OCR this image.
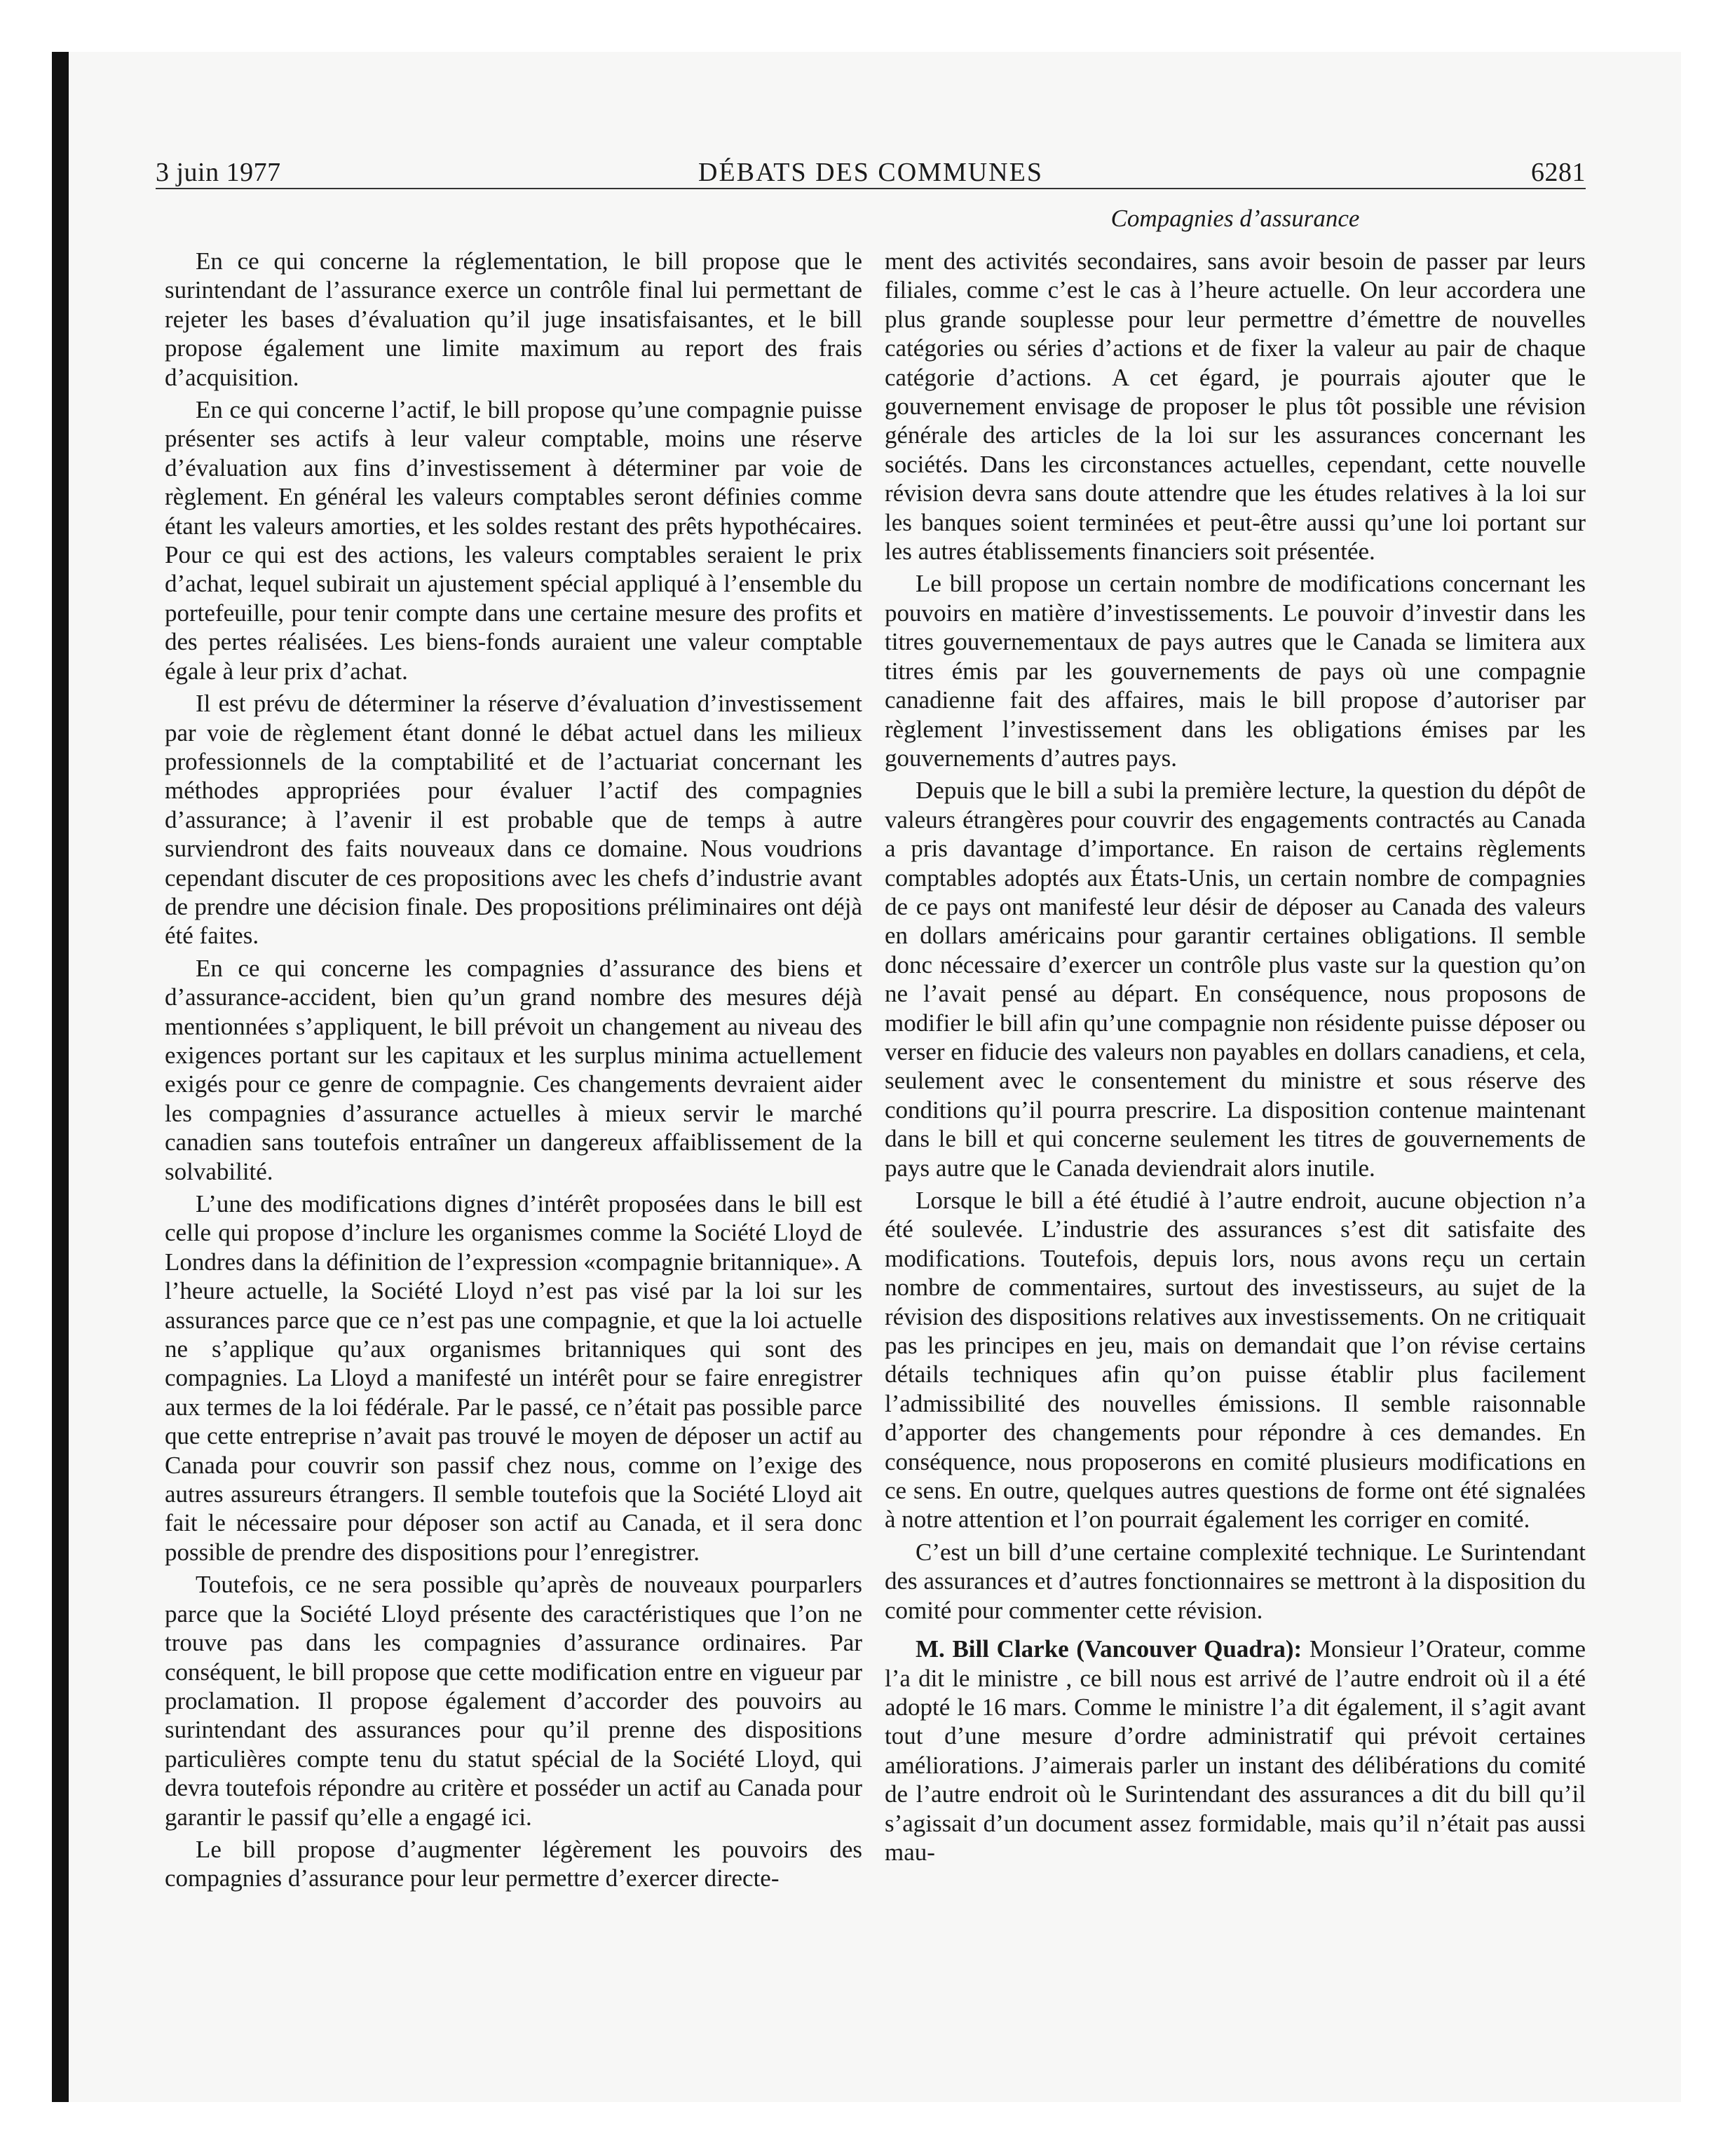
3 juin 1977	DÉBATS DES COMMUNES	6281
Compagnies d’assurance

En ce qui concerne la réglementation, le bill propose que le surintendant de l’assurance exerce un contrôle final lui permettant de rejeter les bases d’évaluation qu’il juge insatisfaisantes, et le bill propose également une limite maximum au report des frais d’acquisition.

En ce qui concerne l’actif, le bill propose qu’une compagnie puisse présenter ses actifs à leur valeur comptable, moins une réserve d’évaluation aux fins d’investissement à déterminer par voie de règlement. En général les valeurs comptables seront définies comme étant les valeurs amorties, et les soldes restant des prêts hypothécaires. Pour ce qui est des actions, les valeurs comptables seraient le prix d’achat, lequel subirait un ajustement spécial appliqué à l’ensemble du portefeuille, pour tenir compte dans une certaine mesure des profits et des pertes réalisées. Les biens-fonds auraient une valeur comptable égale à leur prix d’achat.

Il est prévu de déterminer la réserve d’évaluation d’investissement par voie de règlement étant donné le débat actuel dans les milieux professionnels de la comptabilité et de l’actuariat concernant les méthodes appropriées pour évaluer l’actif des compagnies d’assurance; à l’avenir il est probable que de temps à autre surviendront des faits nouveaux dans ce domaine. Nous voudrions cependant discuter de ces propositions avec les chefs d’industrie avant de prendre une décision finale. Des propositions préliminaires ont déjà été faites.

En ce qui concerne les compagnies d’assurance des biens et d’assurance-accident, bien qu’un grand nombre des mesures déjà mentionnées s’appliquent, le bill prévoit un changement au niveau des exigences portant sur les capitaux et les surplus minima actuellement exigés pour ce genre de compagnie. Ces changements devraient aider les compagnies d’assurance actuelles à mieux servir le marché canadien sans toutefois entraîner un dangereux affaiblissement de la solvabilité.

L’une des modifications dignes d’intérêt proposées dans le bill est celle qui propose d’inclure les organismes comme la Société Lloyd de Londres dans la définition de l’expression «compagnie britannique». A l’heure actuelle, la Société Lloyd n’est pas visé par la loi sur les assurances parce que ce n’est pas une compagnie, et que la loi actuelle ne s’applique qu’aux organismes britanniques qui sont des compagnies. La Lloyd a manifesté un intérêt pour se faire enregistrer aux termes de la loi fédérale. Par le passé, ce n’était pas possible parce que cette entreprise n’avait pas trouvé le moyen de déposer un actif au Canada pour couvrir son passif chez nous, comme on l’exige des autres assureurs étrangers. Il semble toutefois que la Société Lloyd ait fait le nécessaire pour déposer son actif au Canada, et il sera donc possible de prendre des dispositions pour l’enregistrer.

Toutefois, ce ne sera possible qu’après de nouveaux pourparlers parce que la Société Lloyd présente des caractéristiques que l’on ne trouve pas dans les compagnies d’assurance ordinaires. Par conséquent, le bill propose que cette modification entre en vigueur par proclamation. Il propose également d’accorder des pouvoirs au surintendant des assurances pour qu’il prenne des dispositions particulières compte tenu du statut spécial de la Société Lloyd, qui devra toutefois répondre au critère et posséder un actif au Canada pour garantir le passif qu’elle a engagé ici.

Le bill propose d’augmenter légèrement les pouvoirs des compagnies d’assurance pour leur permettre d’exercer directe-

ment des activités secondaires, sans avoir besoin de passer par leurs filiales, comme c’est le cas à l’heure actuelle. On leur accordera une plus grande souplesse pour leur permettre d’émettre de nouvelles catégories ou séries d’actions et de fixer la valeur au pair de chaque catégorie d’actions. A cet égard, je pourrais ajouter que le gouvernement envisage de proposer le plus tôt possible une révision générale des articles de la loi sur les assurances concernant les sociétés. Dans les circonstances actuelles, cependant, cette nouvelle révision devra sans doute attendre que les études relatives à la loi sur les banques soient terminées et peut-être aussi qu’une loi portant sur les autres établissements financiers soit présentée.

Le bill propose un certain nombre de modifications concernant les pouvoirs en matière d’investissements. Le pouvoir d’investir dans les titres gouvernementaux de pays autres que le Canada se limitera aux titres émis par les gouvernements de pays où une compagnie canadienne fait des affaires, mais le bill propose d’autoriser par règlement l’investissement dans les obligations émises par les gouvernements d’autres pays.

Depuis que le bill a subi la première lecture, la question du dépôt de valeurs étrangères pour couvrir des engagements contractés au Canada a pris davantage d’importance. En raison de certains règlements comptables adoptés aux États-Unis, un certain nombre de compagnies de ce pays ont manifesté leur désir de déposer au Canada des valeurs en dollars américains pour garantir certaines obligations. Il semble donc nécessaire d’exercer un contrôle plus vaste sur la question qu’on ne l’avait pensé au départ. En conséquence, nous proposons de modifier le bill afin qu’une compagnie non résidente puisse déposer ou verser en fiducie des valeurs non payables en dollars canadiens, et cela, seulement avec le consentement du ministre et sous réserve des conditions qu’il pourra prescrire. La disposition contenue maintenant dans le bill et qui concerne seulement les titres de gouvernements de pays autre que le Canada deviendrait alors inutile.

Lorsque le bill a été étudié à l’autre endroit, aucune objection n’a été soulevée. L’industrie des assurances s’est dit satisfaite des modifications. Toutefois, depuis lors, nous avons reçu un certain nombre de commentaires, surtout des investisseurs, au sujet de la révision des dispositions relatives aux investissements. On ne critiquait pas les principes en jeu, mais on demandait que l’on révise certains détails techniques afin qu’on puisse établir plus facilement l’admissibilité des nouvelles émissions. Il semble raisonnable d’apporter des changements pour répondre à ces demandes. En conséquence, nous proposerons en comité plusieurs modifications en ce sens. En outre, quelques autres questions de forme ont été signalées à notre attention et l’on pourrait également les corriger en comité.

C’est un bill d’une certaine complexité technique. Le Surintendant des assurances et d’autres fonctionnaires se mettront à la disposition du comité pour commenter cette révision.

M. Bill Clarke (Vancouver Quadra): Monsieur l’Orateur, comme l’a dit le ministre , ce bill nous est arrivé de l’autre endroit où il a été adopté le 16 mars. Comme le ministre l’a dit également, il s’agit avant tout d’une mesure d’ordre administratif qui prévoit certaines améliorations. J’aimerais parler un instant des délibérations du comité de l’autre endroit où le Surintendant des assurances a dit du bill qu’il s’agissait d’un document assez formidable, mais qu’il n’était pas aussi mau-
